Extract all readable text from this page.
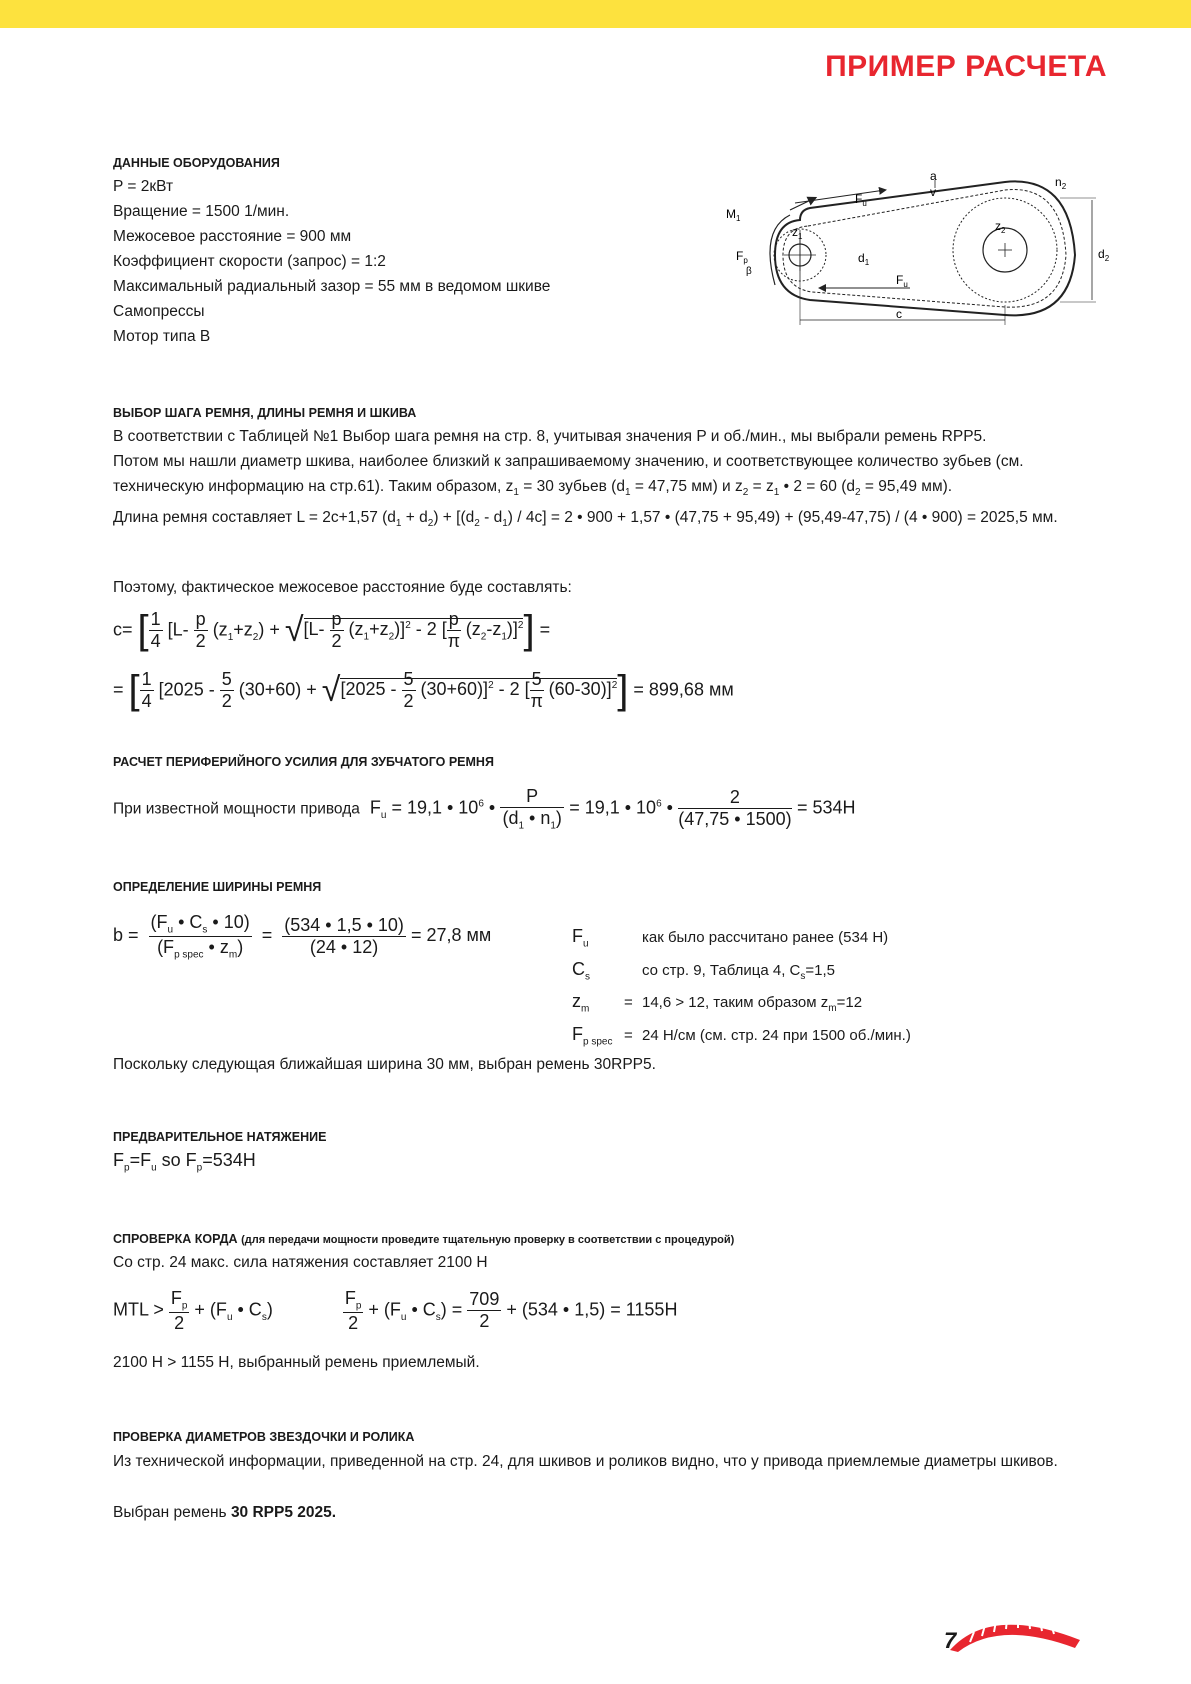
ПРИМЕР РАСЧЕТА
ДАННЫЕ ОБОРУДОВАНИЯ
P = 2кВт
Вращение = 1500 1/мин.
Межосевое расстояние = 900 мм
Коэффициент скорости (запрос) = 1:2
Максимальный радиальный зазор = 55 мм в ведомом шкиве
Самопрессы
Мотор типа B
$M_1$
$F_u$
a
v
$n_2$
$F_p$
β
$z_1$
$z_2$
$d_1$
$d_2$
$F_u$
c
ВЫБОР ШАГА РЕМНЯ, ДЛИНЫ РЕМНЯ И ШКИВА
В соответствии с Таблицей №1 Выбор шага ремня на стр. 8, учитывая значения P и об./мин., мы выбрали ремень RPP5.
Потом мы нашли диаметр шкива, наиболее близкий к запрашиваемому значению, и соответствующее количество зубьев (см.
техническую информацию на стр.61). Таким образом, $z_1 = 30$ зубьев ($d_1 = 47,75$ мм) и $z_2 = z_1$ • 2 = 60 ($d_2 = 95,49$ мм).
Длина ремня составляет L = 2c+1,57 $(d_1 + d_2) + [(d_2 - d_1) / 4c] = 2$ • 900 + 1,57 • (47,75 + 95,49) + (95,49-47,75) / (4 • 900) = 2025,5 мм.
Поэтому, фактическое межосевое расстояние буде составлять:
c= [ $\frac{1}{4} [L- \frac{p}{2} (z_1+z_2) + √[L- \frac{p}{2} (z_1+z_2)]^2 - 2$ [ $\frac{p}{\pi} (z_2-z_1)]^2$] =
= [ $\frac{1}{4} [2025 - \frac{5}{2} (30+60) + √[2025 - \frac{5}{2} (30+60)]^2 - 2$ [ $\frac{5}{\pi} (60-30)]^2] = 899,68$ мм
РАСЧЕТ ПЕРИФЕРИЙНОГО УСИЛИЯ ДЛЯ ЗУБЧАТОГО РЕМНЯ
При известной мощности привода  $F_u = 19,1$ • $10^6$ • $\frac{P}{(d_1 • n_1)} = 19,1$ • $10^6$ • $\frac{2}{(47,75 • 1500)} = 534Н$
ОПРЕДЕЛЕНИЕ ШИРИНЫ РЕМНЯ
$b = \frac{(F_u • C_s • 10)}{(F_{p spec} • z_m)} = \frac{(534 • 1,5 • 10)}{(24 • 12)} = 27,8$ мм	$F_u$	как было рассчитано ранее (534 Н)
$C_s$	со стр. 9, Таблица 4, $C_s=1,5$
$z_m = 14,6 > 12$, таким образом $z_m=12$
$F_{p spec} = 24$ Н/см (см. стр. 24 при 1500 об./мин.)
Поскольку следующая ближайшая ширина 30 мм, выбран ремень 30RPP5.
ПРЕДВАРИТЕЛЬНОЕ НАТЯЖЕНИЕ
$F_p=F_u$ so $F_p=534Н$
СПРОВЕРКА КОРДА (для передачи мощности проведите тщательную проверку в соответствии с процедурой)
Со стр. 24 макс. сила натяжения составляет 2100 Н
MTL > $\frac{F_p}{2} + (F_u$ • $C_s) \frac{F_p}{2} + (F_u$ • $C_s) = \frac{709}{2} + (534$ • 1,5) = 1155Н
2100 Н > 1155 Н, выбранный ремень приемлемый.
ПРОВЕРКА ДИАМЕТРОВ ЗВЕЗДОЧКИ И РОЛИКА
Из технической информации, приведенной на стр. 24, для шкивов и роликов видно, что у привода приемлемые диаметры шкивов.
Выбран ремень 30 RPP5 2025.
7
